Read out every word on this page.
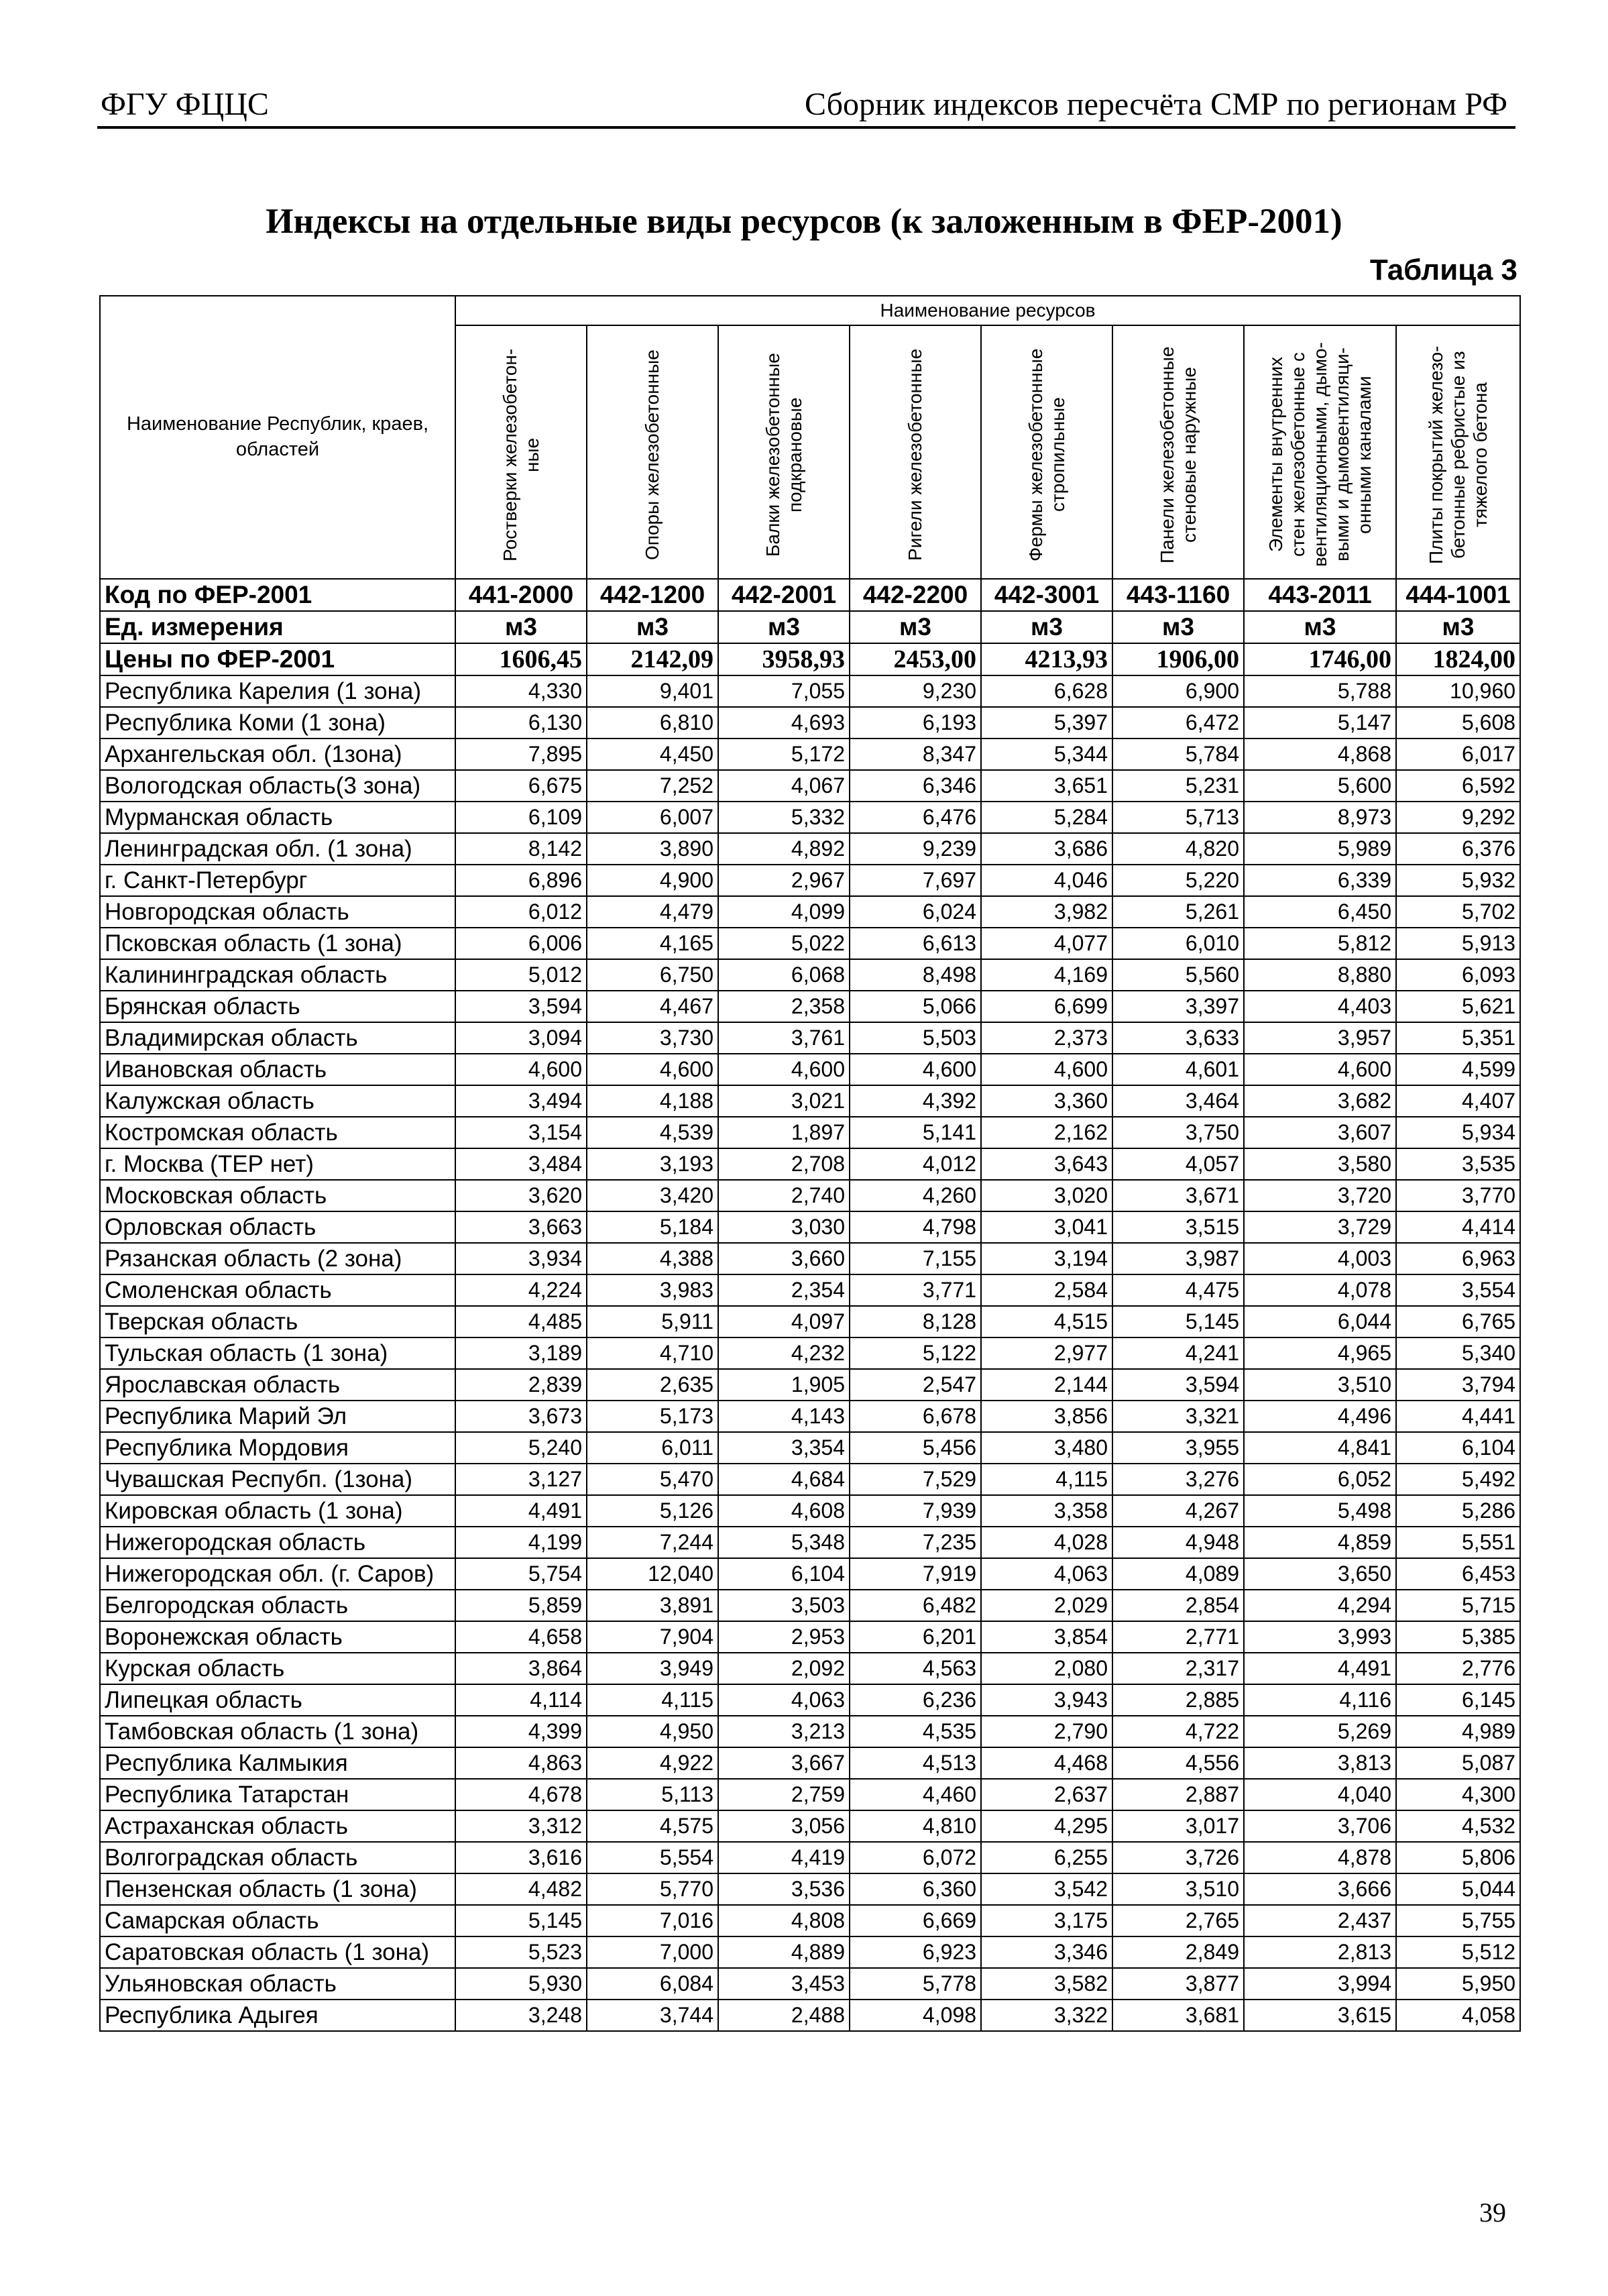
ФГУ ФЦЦС	Сборник индексов пересчёта СМР по регионам РФ
Индексы на отдельные виды ресурсов (к заложенным в ФЕР-2001)
Таблица 3
Наименование Республик, краев, областей	Наименование ресурсов							

	Ростверки железобетон-ные	Опоры железобетонные	Балки железобетонные подкрановые	Ригели железобетонные	Фермы железобетонные стропильные	Панели железобетонные стеновые наружные	Элементы внутренних стен железобетонные с вентиляционными, дымо-выми и дымовентиляци-онными каналами	Плиты покрытий железо-бетонные ребристые из тяжелого бетона

Код по ФЕР-2001	441-2000	442-1200	442-2001	442-2200	442-3001	443-1160	443-2011	444-1001
Ед. измерения	м3	м3	м3	м3	м3	м3	м3	м3
Цены по ФЕР-2001	1606,45	2142,09	3958,93	2453,00	4213,93	1906,00	1746,00	1824,00
Республика Карелия (1 зона)	4,330	9,401	7,055	9,230	6,628	6,900	5,788	10,960
Республика Коми (1 зона)	6,130	6,810	4,693	6,193	5,397	6,472	5,147	5,608
Архангельская обл. (1зона)	7,895	4,450	5,172	8,347	5,344	5,784	4,868	6,017
Вологодская область(3 зона)	6,675	7,252	4,067	6,346	3,651	5,231	5,600	6,592
Мурманская область	6,109	6,007	5,332	6,476	5,284	5,713	8,973	9,292
Ленинградская обл. (1 зона)	8,142	3,890	4,892	9,239	3,686	4,820	5,989	6,376
г. Санкт-Петербург	6,896	4,900	2,967	7,697	4,046	5,220	6,339	5,932
Новгородская область	6,012	4,479	4,099	6,024	3,982	5,261	6,450	5,702
Псковская область (1 зона)	6,006	4,165	5,022	6,613	4,077	6,010	5,812	5,913
Калининградская область	5,012	6,750	6,068	8,498	4,169	5,560	8,880	6,093
Брянская область	3,594	4,467	2,358	5,066	6,699	3,397	4,403	5,621
Владимирская область	3,094	3,730	3,761	5,503	2,373	3,633	3,957	5,351
Ивановская область	4,600	4,600	4,600	4,600	4,600	4,601	4,600	4,599
Калужская область	3,494	4,188	3,021	4,392	3,360	3,464	3,682	4,407
Костромская область	3,154	4,539	1,897	5,141	2,162	3,750	3,607	5,934
г. Москва (ТЕР нет)	3,484	3,193	2,708	4,012	3,643	4,057	3,580	3,535
Московская область	3,620	3,420	2,740	4,260	3,020	3,671	3,720	3,770
Орловская область	3,663	5,184	3,030	4,798	3,041	3,515	3,729	4,414
Рязанская область (2 зона)	3,934	4,388	3,660	7,155	3,194	3,987	4,003	6,963
Смоленская область	4,224	3,983	2,354	3,771	2,584	4,475	4,078	3,554
Тверская область	4,485	5,911	4,097	8,128	4,515	5,145	6,044	6,765
Тульская область (1 зона)	3,189	4,710	4,232	5,122	2,977	4,241	4,965	5,340
Ярославская область	2,839	2,635	1,905	2,547	2,144	3,594	3,510	3,794
Республика Марий Эл	3,673	5,173	4,143	6,678	3,856	3,321	4,496	4,441
Республика Мордовия	5,240	6,011	3,354	5,456	3,480	3,955	4,841	6,104
Чувашская Респубп. (1зона)	3,127	5,470	4,684	7,529	4,115	3,276	6,052	5,492
Кировская область (1 зона)	4,491	5,126	4,608	7,939	3,358	4,267	5,498	5,286
Нижегородская область	4,199	7,244	5,348	7,235	4,028	4,948	4,859	5,551
Нижегородская обл. (г. Саров)	5,754	12,040	6,104	7,919	4,063	4,089	3,650	6,453
Белгородская область	5,859	3,891	3,503	6,482	2,029	2,854	4,294	5,715
Воронежская область	4,658	7,904	2,953	6,201	3,854	2,771	3,993	5,385
Курская область	3,864	3,949	2,092	4,563	2,080	2,317	4,491	2,776
Липецкая область	4,114	4,115	4,063	6,236	3,943	2,885	4,116	6,145
Тамбовская область (1 зона)	4,399	4,950	3,213	4,535	2,790	4,722	5,269	4,989
Республика Калмыкия	4,863	4,922	3,667	4,513	4,468	4,556	3,813	5,087
Республика Татарстан	4,678	5,113	2,759	4,460	2,637	2,887	4,040	4,300
Астраханская область	3,312	4,575	3,056	4,810	4,295	3,017	3,706	4,532
Волгоградская область	3,616	5,554	4,419	6,072	6,255	3,726	4,878	5,806
Пензенская область (1 зона)	4,482	5,770	3,536	6,360	3,542	3,510	3,666	5,044
Самарская область	5,145	7,016	4,808	6,669	3,175	2,765	2,437	5,755
Саратовская область (1 зона)	5,523	7,000	4,889	6,923	3,346	2,849	2,813	5,512
Ульяновская область	5,930	6,084	3,453	5,778	3,582	3,877	3,994	5,950
Республика Адыгея	3,248	3,744	2,488	4,098	3,322	3,681	3,615	4,058
39
